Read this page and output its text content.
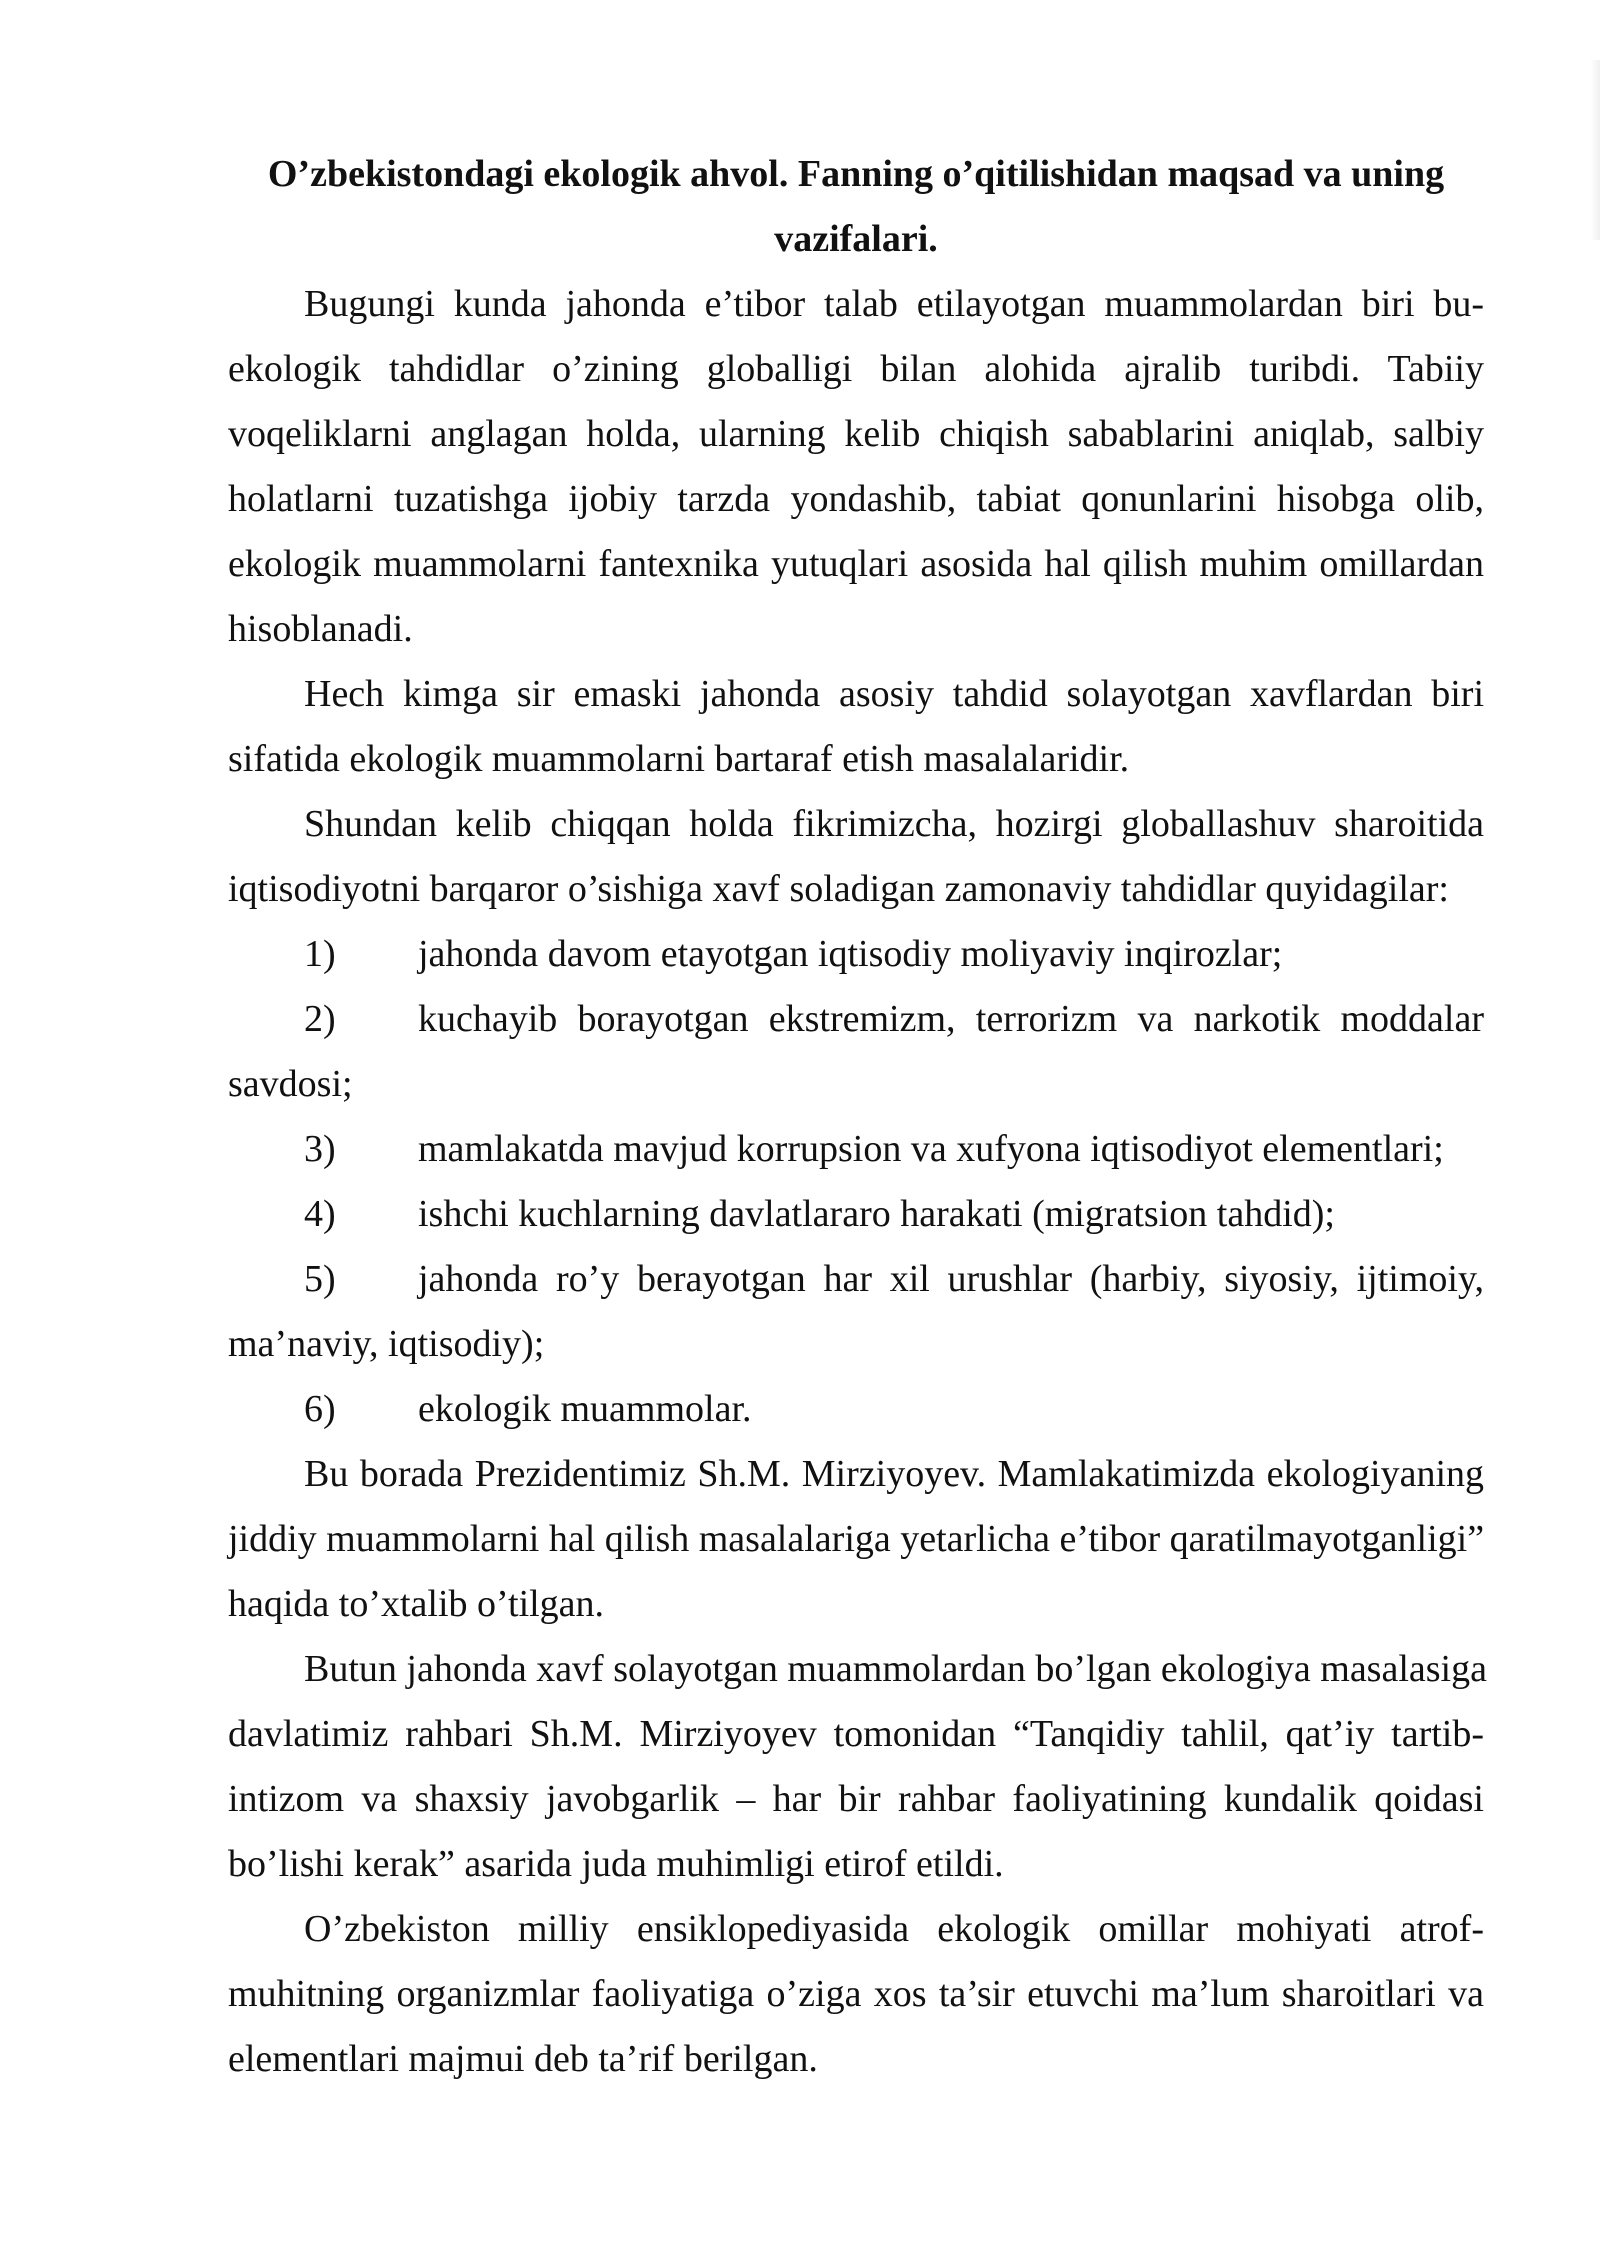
O’zbekistondagi ekologik ahvol. Fanning o’qitilishidan maqsad va uning
vazifalari.
Bugungi kunda jahonda e’tibor talab etilayotgan muammolardan biri bu-
ekologik tahdidlar o’zining globalligi bilan alohida ajralib turibdi. Tabiiy
voqeliklarni anglagan holda, ularning kelib chiqish sabablarini aniqlab, salbiy
holatlarni tuzatishga ijobiy tarzda yondashib, tabiat qonunlarini hisobga olib,
ekologik muammolarni fantexnika yutuqlari asosida hal qilish muhim omillardan
hisoblanadi.
Hech kimga sir emaski jahonda asosiy tahdid solayotgan xavflardan biri
sifatida ekologik muammolarni bartaraf etish masalalaridir.
Shundan kelib chiqqan holda fikrimizcha, hozirgi globallashuv sharoitida
iqtisodiyotni barqaror o’sishiga xavf soladigan zamonaviy tahdidlar quyidagilar:
1) jahonda davom etayotgan iqtisodiy moliyaviy inqirozlar;
2) kuchayib borayotgan ekstremizm, terrorizm va narkotik moddalar
savdosi;
3) mamlakatda mavjud korrupsion va xufyona iqtisodiyot elementlari;
4) ishchi kuchlarning davlatlararo harakati (migratsion tahdid);
5) jahonda ro’y berayotgan har xil urushlar (harbiy, siyosiy, ijtimoiy,
ma’naviy, iqtisodiy);
6) ekologik muammolar.
Bu borada Prezidentimiz Sh.M. Mirziyoyev. Mamlakatimizda ekologiyaning
jiddiy muammolarni hal qilish masalalariga yetarlicha e’tibor qaratilmayotganligi”
haqida to’xtalib o’tilgan.
Butun jahonda xavf solayotgan muammolardan bo’lgan ekologiya masalasiga
davlatimiz rahbari Sh.M. Mirziyoyev tomonidan “Tanqidiy tahlil, qat’iy tartib-
intizom va shaxsiy javobgarlik – har bir rahbar faoliyatining kundalik qoidasi
bo’lishi kerak” asarida juda muhimligi etirof etildi.
O’zbekiston milliy ensiklopediyasida ekologik omillar mohiyati atrof-
muhitning organizmlar faoliyatiga o’ziga xos ta’sir etuvchi ma’lum sharoitlari va
elementlari majmui deb ta’rif berilgan.
